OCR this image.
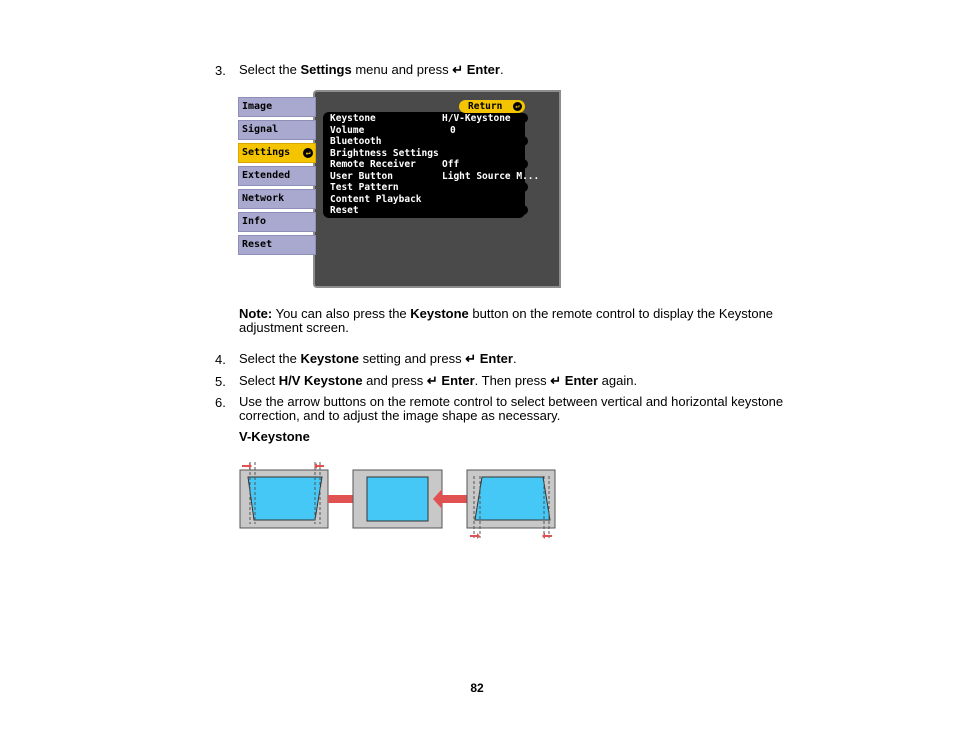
3. Select the Settings menu and press ↵ Enter.
Image
Signal
Settings	↵
Extended
Network
Info
Reset
Return	↵
Keystone	H/V-Keystone
Volume	0
Bluetooth
Brightness Settings
Remote Receiver	Off
User Button	Light Source M...
Test Pattern
Content Playback
Reset
Note: You can also press the Keystone button on the remote control to display the Keystone
adjustment screen.
4. Select the Keystone setting and press ↵ Enter.
5. Select H/V Keystone and press ↵ Enter. Then press ↵ Enter again.
6. Use the arrow buttons on the remote control to select between vertical and horizontal keystone
correction, and to adjust the image shape as necessary.
V-Keystone
82
